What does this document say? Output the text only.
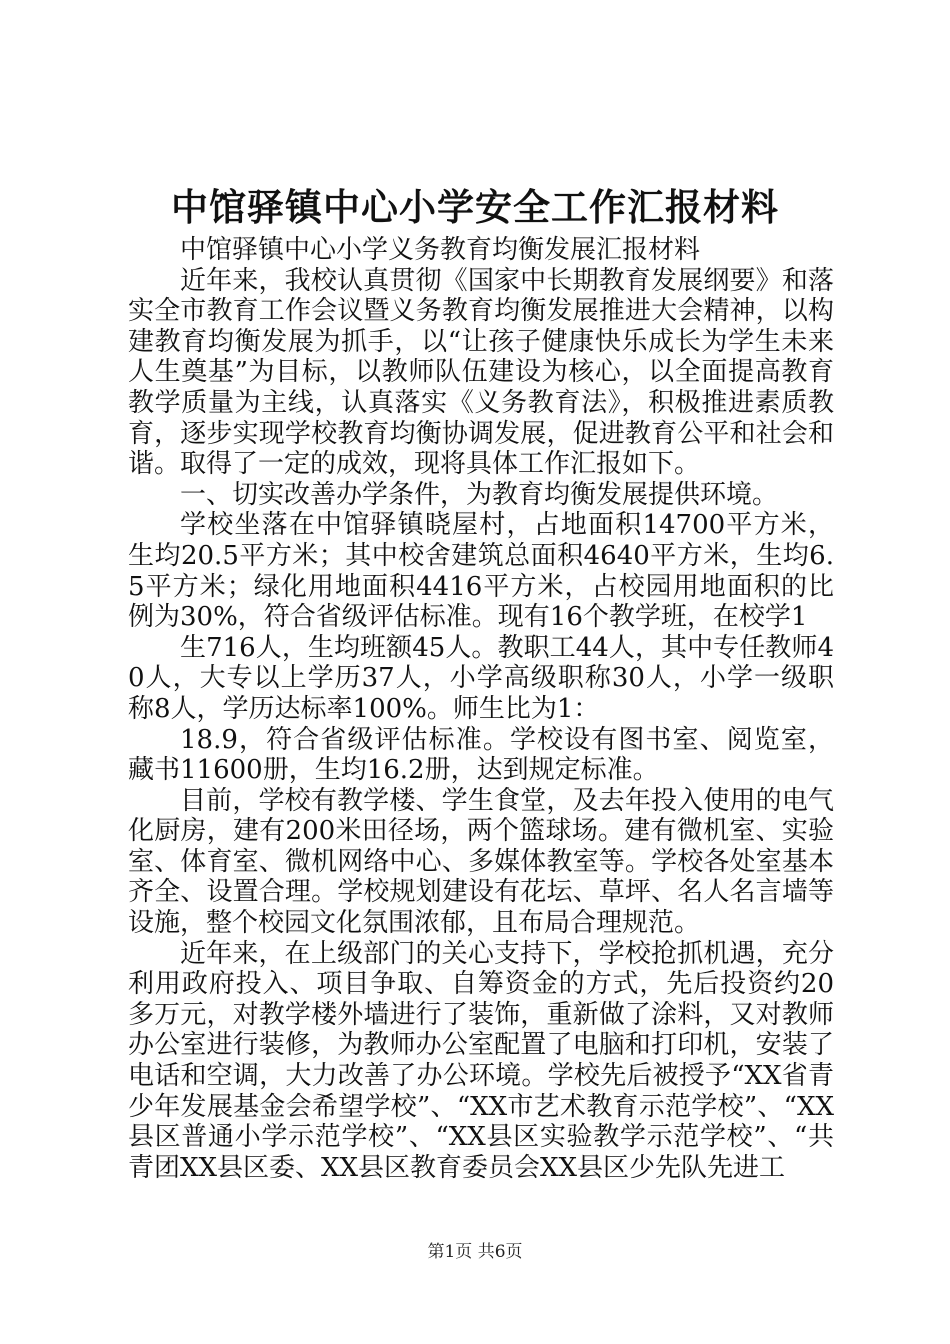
中馆驿镇中心小学安全工作汇报材料

中馆驿镇中心小学义务教育均衡发展汇报材料

近年来，我校认真贯彻《国家中长期教育发展纲要》和落实全市教育工作会议暨义务教育均衡发展推进大会精神，以构建教育均衡发展为抓手，以“让孩子健康快乐成长为学生未来人生奠基”为目标，以教师队伍建设为核心，以全面提高教育教学质量为主线，认真落实《义务教育法》，积极推进素质教育，逐步实现学校教育均衡协调发展，促进教育公平和社会和谐。取得了一定的成效，现将具体工作汇报如下。

一、切实改善办学条件，为教育均衡发展提供环境。

学校坐落在中馆驿镇晓屋村，占地面积14700平方米，生均20.5平方米；其中校舍建筑总面积4640平方米，生均6.5平方米；绿化用地面积4416平方米，占校园用地面积的比例为30%，符合省级评估标准。现有16个教学班，在校学1

生716人，生均班额45人。教职工44人，其中专任教师40人，大专以上学历37人，小学高级职称30人，小学一级职称8人，学历达标率100%。师生比为1：

18.9，符合省级评估标准。学校设有图书室、阅览室，藏书11600册，生均16.2册，达到规定标准。

目前，学校有教学楼、学生食堂，及去年投入使用的电气化厨房，建有200米田径场，两个篮球场。建有微机室、实验室、体育室、微机网络中心、多媒体教室等。学校各处室基本齐全、设置合理。学校规划建设有花坛、草坪、名人名言墙等设施，整个校园文化氛围浓郁，且布局合理规范。

近年来，在上级部门的关心支持下，学校抢抓机遇，充分利用政府投入、项目争取、自筹资金的方式，先后投资约20多万元，对教学楼外墙进行了装饰，重新做了涂料，又对教师办公室进行装修，为教师办公室配置了电脑和打印机，安装了电话和空调，大力改善了办公环境。学校先后被授予“XX省青少年发展基金会希望学校”、“XX市艺术教育示范学校”、“XX县区普通小学示范学校”、“XX县区实验教学示范学校”、“共青团XX县区委、XX县区教育委员会XX县区少先队先进工

第1页 共6页
